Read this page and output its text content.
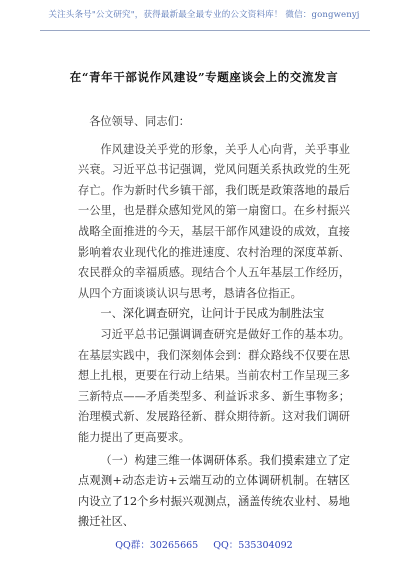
关注头条号"公文研究"，获得最新最全最专业的公文资料库！ 微信：gongwenyj
在“青年干部说作风建设”专题座谈会上的交流发言

各位领导、同志们：

作风建设关乎党的形象，关乎人心向背，关乎事业兴衰。习近平总书记强调，党风问题关系执政党的生死存亡。作为新时代乡镇干部，我们既是政策落地的最后一公里，也是群众感知党风的第一扇窗口。在乡村振兴战略全面推进的今天，基层干部作风建设的成效，直接影响着农业现代化的推进速度、农村治理的深度革新、农民群众的幸福质感。现结合个人五年基层工作经历，从四个方面谈谈认识与思考，恳请各位指正。

一、深化调查研究，让问计于民成为制胜法宝

习近平总书记强调调查研究是做好工作的基本功。在基层实践中，我们深刻体会到：群众路线不仅要在思想上扎根，更要在行动上结果。当前农村工作呈现三多三新特点——矛盾类型多、利益诉求多、新生事物多；治理模式新、发展路径新、群众期待新。这对我们调研能力提出了更高要求。

（一）构建三维一体调研体系。我们摸索建立了定点观测+动态走访+云端互动的立体调研机制。在辖区内设立了12个乡村振兴观测点，涵盖传统农业村、易地搬迁社区、

QQ群：30265665 QQ：535304092
